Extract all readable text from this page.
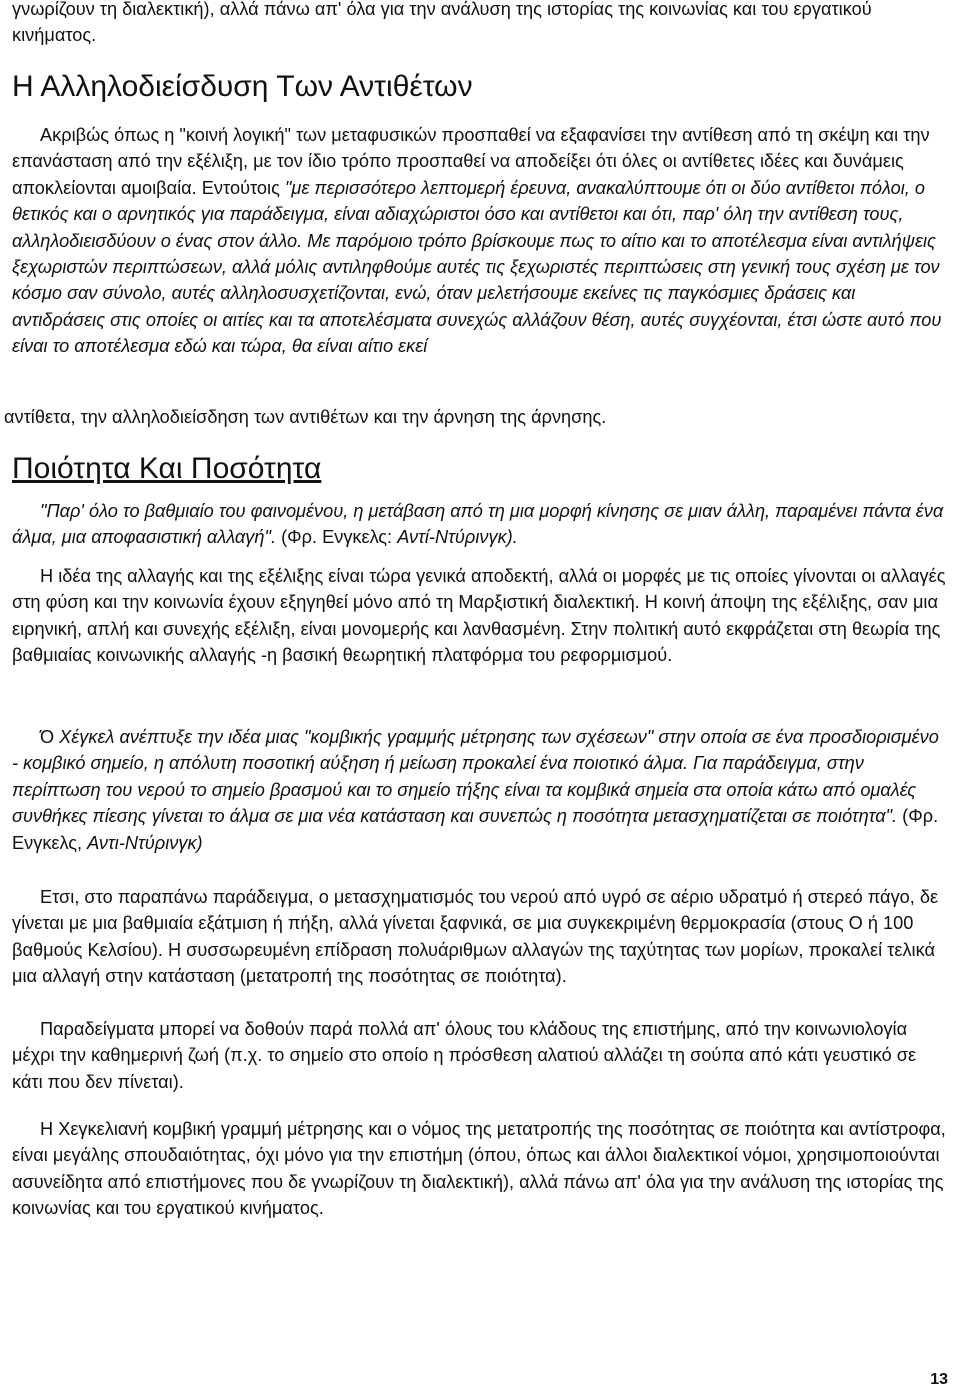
γνωρίζουν τη διαλεκτική), αλλά πάνω απ' όλα για την ανάλυση της ιστορίας της κοινωνίας και του εργατικού κινήματος.

Η Αλληλοδιείσδυση Των Αντιθέτων

Ακριβώς όπως η "κοινή λογική" των μεταφυσικών προσπαθεί να εξαφανίσει την αντίθεση από τη σκέψη και την επανάσταση από την εξέλιξη, με τον ίδιο τρόπο προσπαθεί να αποδείξει ότι όλες οι αντίθετες ιδέες και δυνάμεις αποκλείονται αμοιβαία. Εντούτοις "με περισσότερο λεπτομερή έρευνα, ανακαλύπτουμε ότι οι δύο αντίθετοι πόλοι, ο θετικός και ο αρνητικός για παράδειγμα, είναι αδιαχώριστοι όσο και αντίθετοι και ότι, παρ' όλη την αντίθεση τους, αλληλοδιεισδύουν ο ένας στον άλλο. Με παρόμοιο τρόπο βρίσκουμε πως το αίτιο και το αποτέλεσμα είναι αντιλήψεις ξεχωριστών περιπτώσεων, αλλά μόλις αντιληφθούμε αυτές τις ξεχωριστές περιπτώσεις στη γενική τους σχέση με τον κόσμο σαν σύνολο, αυτές αλληλοσυσχετίζονται, ενώ, όταν μελετήσουμε εκείνες τις παγκόσμιες δράσεις και αντιδράσεις στις οποίες οι αιτίες και τα αποτελέσματα συνεχώς αλλάζουν θέση, αυτές συγχέονται, έτσι ώστε αυτό που είναι το αποτέλεσμα εδώ και τώρα, θα είναι αίτιο εκεί

αντίθετα, την αλληλοδιείσδηση των αντιθέτων και την άρνηση της άρνησης.

Ποιότητα Και Ποσότητα

"Παρ' όλο το βαθμιαίο του φαινομένου, η μετάβαση από τη μια μορφή κίνησης σε μιαν άλλη, παραμένει πάντα ένα άλμα, μια αποφασιστική αλλαγή". (Φρ. Ενγκελς: Αντί-Ντύρινγκ).

Η ιδέα της αλλαγής και της εξέλιξης είναι τώρα γενικά αποδεκτή, αλλά οι μορφές με τις οποίες γίνονται οι αλλαγές στη φύση και την κοινωνία έχουν εξηγηθεί μόνο από τη Μαρξιστική διαλεκτική. Η κοινή άποψη της εξέλιξης, σαν μια ειρηνική, απλή και συνεχής εξέλιξη, είναι μονομερής και λανθασμένη. Στην πολιτική αυτό εκφράζεται στη θεωρία της βαθμιαίας κοινωνικής αλλαγής -η βασική θεωρητική πλατφόρμα του ρεφορμισμού.

Ό Χέγκελ ανέπτυξε την ιδέα μιας "κομβικής γραμμής μέτρησης των σχέσεων" στην οποία σε ένα προσδιορισμένο - κομβικό σημείο, η απόλυτη ποσοτική αύξηση ή μείωση προκαλεί ένα ποιοτικό άλμα. Για παράδειγμα, στην περίπτωση του νερού το σημείο βρασμού και το σημείο τήξης είναι τα κομβικά σημεία στα οποία κάτω από ομαλές συνθήκες πίεσης γίνεται το άλμα σε μια νέα κατάσταση και συνεπώς η ποσότητα μετασχηματίζεται σε ποιότητα". (Φρ. Ενγκελς, Αντι-Ντύρινγκ)

Ετσι, στο παραπάνω παράδειγμα, ο μετασχηματισμός του νερού από υγρό σε αέριο υδρατμό ή στερεό πάγο, δε γίνεται με μια βαθμιαία εξάτμιση ή πήξη, αλλά γίνεται ξαφνικά, σε μια συγκεκριμένη θερμοκρασία (στους Ο ή 100 βαθμούς Κελσίου). Η συσσωρευμένη επίδραση πολυάριθμων αλλαγών της ταχύτητας των μορίων, προκαλεί τελικά μια αλλαγή στην κατάσταση (μετατροπή της ποσότητας σε ποιότητα).

Παραδείγματα μπορεί να δοθούν παρά πολλά απ' όλους του κλάδους της επιστήμης, από την κοινωνιολογία μέχρι την καθημερινή ζωή (π.χ. το σημείο στο οποίο η πρόσθεση αλατιού αλλάζει τη σούπα από κάτι γευστικό σε κάτι που δεν πίνεται).

Η Χεγκελιανή κομβική γραμμή μέτρησης και ο νόμος της μετατροπής της ποσότητας σε ποιότητα και αντίστροφα, είναι μεγάλης σπουδαιότητας, όχι μόνο για την επιστήμη (όπου, όπως και άλλοι διαλεκτικοί νόμοι, χρησιμοποιούνται ασυνείδητα από επιστήμονες που δε γνωρίζουν τη διαλεκτική), αλλά πάνω απ' όλα για την ανάλυση της ιστορίας της κοινωνίας και του εργατικού κινήματος.

13
